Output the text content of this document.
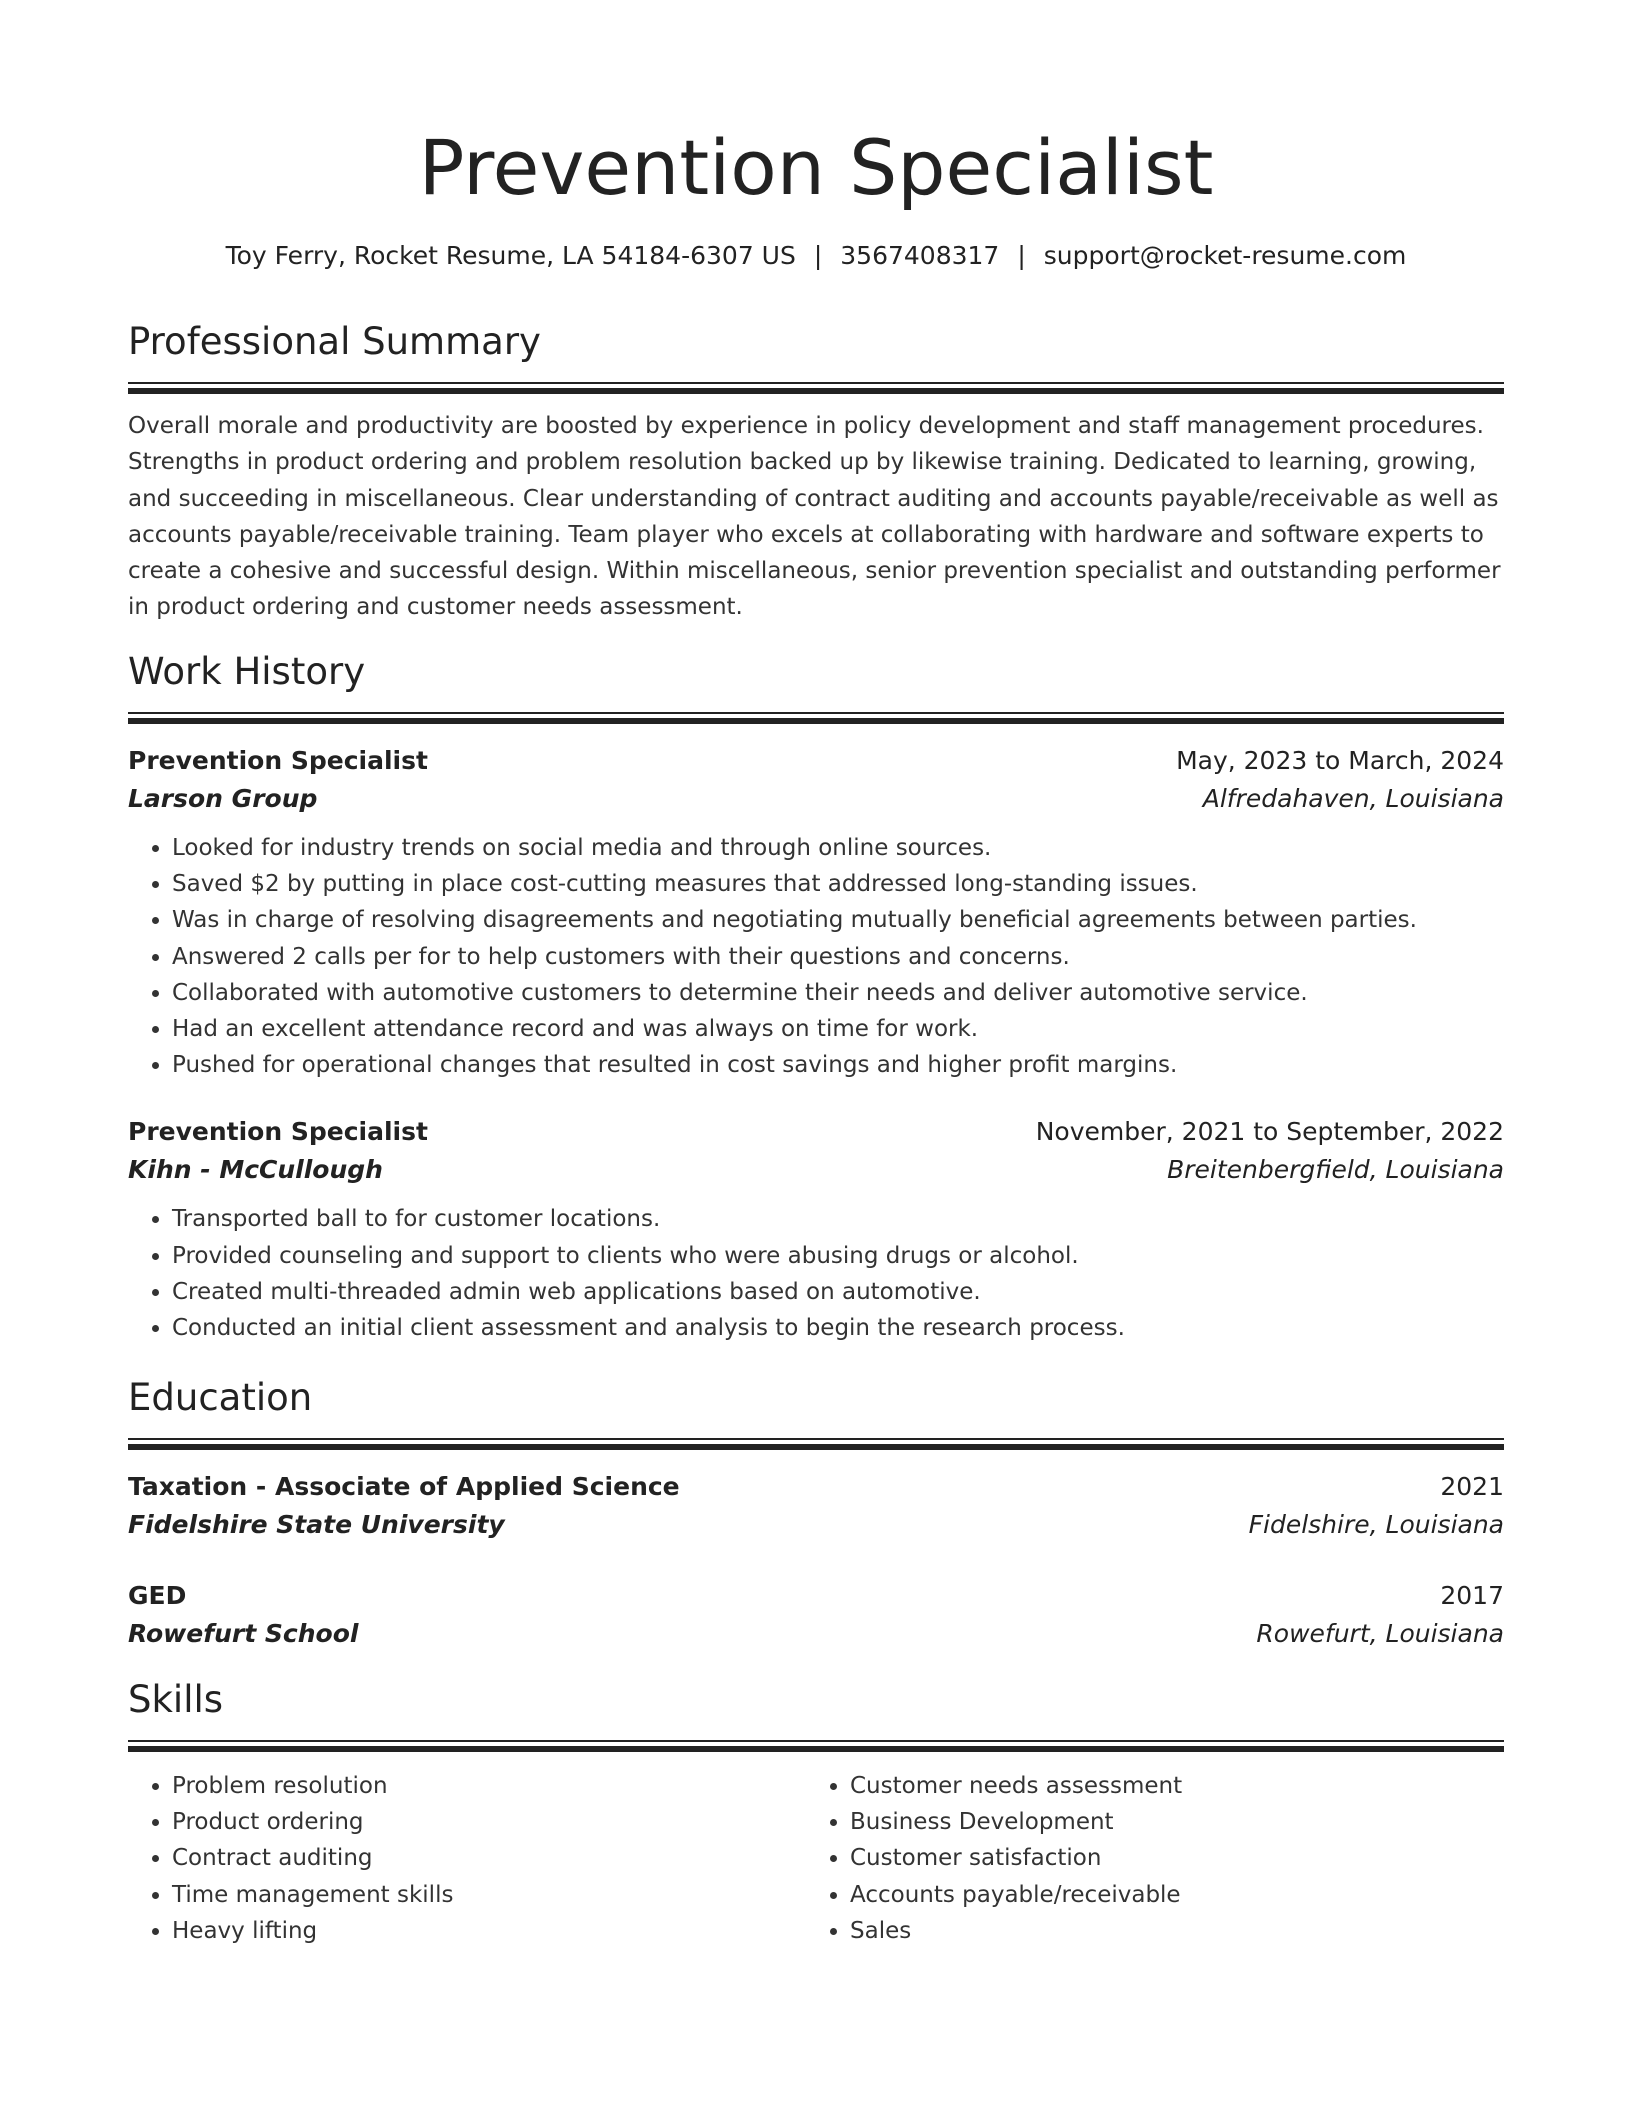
Prevention Specialist
Toy Ferry, Rocket Resume, LA 54184-6307 US | 3567408317 | support@rocket-resume.com
Professional Summary
Overall morale and productivity are boosted by experience in policy development and staff management procedures. Strengths in product ordering and problem resolution backed up by likewise training. Dedicated to learning, growing, and succeeding in miscellaneous. Clear understanding of contract auditing and accounts payable/receivable as well as accounts payable/receivable training. Team player who excels at collaborating with hardware and software experts to create a cohesive and successful design. Within miscellaneous, senior prevention specialist and outstanding performer in product ordering and customer needs assessment.
Work History
Prevention Specialist	May, 2023 to March, 2024
Larson Group	Alfredahaven, Louisiana
• Looked for industry trends on social media and through online sources.
• Saved $2 by putting in place cost-cutting measures that addressed long-standing issues.
• Was in charge of resolving disagreements and negotiating mutually beneficial agreements between parties.
• Answered 2 calls per for to help customers with their questions and concerns.
• Collaborated with automotive customers to determine their needs and deliver automotive service.
• Had an excellent attendance record and was always on time for work.
• Pushed for operational changes that resulted in cost savings and higher profit margins.
Prevention Specialist	November, 2021 to September, 2022
Kihn - McCullough	Breitenbergfield, Louisiana
• Transported ball to for customer locations.
• Provided counseling and support to clients who were abusing drugs or alcohol.
• Created multi-threaded admin web applications based on automotive.
• Conducted an initial client assessment and analysis to begin the research process.
Education
Taxation - Associate of Applied Science	2021
Fidelshire State University	Fidelshire, Louisiana
GED	2017
Rowefurt School	Rowefurt, Louisiana
Skills
• Problem resolution
• Product ordering
• Contract auditing
• Time management skills
• Heavy lifting
• Customer needs assessment
• Business Development
• Customer satisfaction
• Accounts payable/receivable
• Sales
